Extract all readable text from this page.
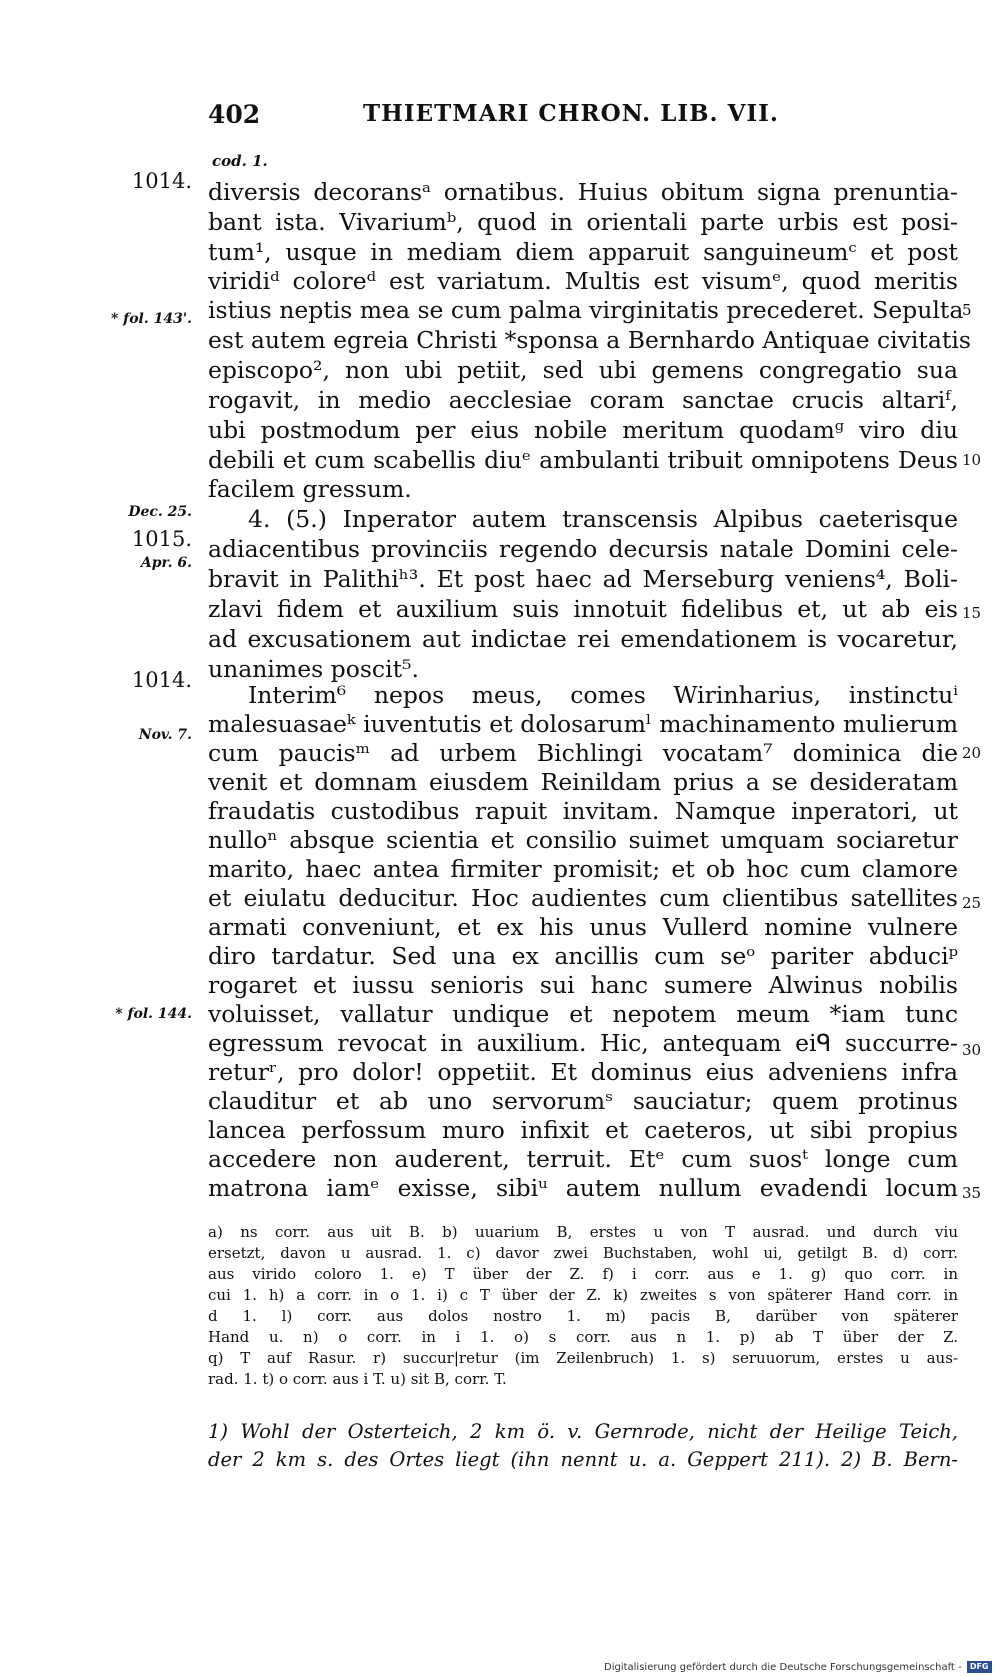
402	THIETMARI CHRON. LIB. VII.
cod. 1.
1014.
* fol. 143'.
Dec. 25.
1015.
Apr. 6.
1014.
Nov. 7.
* fol. 144.
5
10
15
20
25
30
35
diversis decoransᵃ ornatibus. Huius obitum signa prenuntia-
bant ista. Vivariumᵇ, quod in orientali parte urbis est posi-
tum¹, usque in mediam diem apparuit sanguineumᶜ et post
viridiᵈ coloreᵈ est variatum. Multis est visumᵉ, quod meritis
istius neptis mea se cum palma virginitatis precederet. Sepulta
est autem egreia Christi *sponsa a Bernhardo Antiquae civitatis
episcopo², non ubi petiit, sed ubi gemens congregatio sua
rogavit, in medio aecclesiae coram sanctae crucis altariᶠ,
ubi postmodum per eius nobile meritum quodamᵍ viro diu
debili et cum scabellis diuᵉ ambulanti tribuit omnipotens Deus
facilem gressum.
4. (5.) Inperator autem transcensis Alpibus caeterisque
adiacentibus provinciis regendo decursis natale Domini cele-
bravit in Palithiʰ³. Et post haec ad Merseburg veniens⁴, Boli-
zlavi fidem et auxilium suis innotuit fidelibus et, ut ab eis
ad excusationem aut indictae rei emendationem is vocaretur,
unanimes poscit⁵.
Interim⁶ nepos meus, comes Wirinharius, instinctuⁱ
malesuasaeᵏ iuventutis et dolosarumˡ machinamento mulierum
cum paucisᵐ ad urbem Bichlingi vocatam⁷ dominica die
venit et domnam eiusdem Reinildam prius a se desideratam
fraudatis custodibus rapuit invitam. Namque inperatori, ut
nulloⁿ absque scientia et consilio suimet umquam sociaretur
marito, haec antea firmiter promisit; et ob hoc cum clamore
et eiulatu deducitur. Hoc audientes cum clientibus satellites
armati conveniunt, et ex his unus Vullerd nomine vulnere
diro tardatur. Sed una ex ancillis cum seᵒ pariter abduciᵖ
rogaret et iussu senioris sui hanc sumere Alwinus nobilis
voluisset, vallatur undique et nepotem meum *iam tunc
egressum revocat in auxilium. Hic, antequam eiᑫ succurre-
returʳ, pro dolor! oppetiit. Et dominus eius adveniens infra
clauditur et ab uno servorumˢ sauciatur; quem protinus
lancea perfossum muro infixit et caeteros, ut sibi propius
accedere non auderent, terruit. Etᵉ cum suosᵗ longe cum
matrona iamᵉ exisse, sibiᵘ autem nullum evadendi locum
a) ns corr. aus uit B. b) uuarium B, erstes u von T ausrad. und durch viu
ersetzt, davon u ausrad. 1. c) davor zwei Buchstaben, wohl ui, getilgt B. d) corr.
aus virido coloro 1. e) T über der Z. f) i corr. aus e 1. g) quo corr. in
cui 1. h) a corr. in o 1. i) c T über der Z. k) zweites s von späterer Hand corr. in
d 1. l) corr. aus dolos nostro 1. m) pacis B, darüber von späterer
Hand u. n) o corr. in i 1. o) s corr. aus n 1. p) ab T über der Z.
q) T auf Rasur. r) succur|retur (im Zeilenbruch) 1. s) seruuorum, erstes u aus-
rad. 1. t) o corr. aus i T. u) sit B, corr. T.
1) Wohl der Osterteich, 2 km ö. v. Gernrode, nicht der Heilige Teich,
der 2 km s. des Ortes liegt (ihn nennt u. a. Geppert 211). 2) B. Bern-
Digitalisierung gefördert durch die Deutsche Forschungsgemeinschaft - DFG
